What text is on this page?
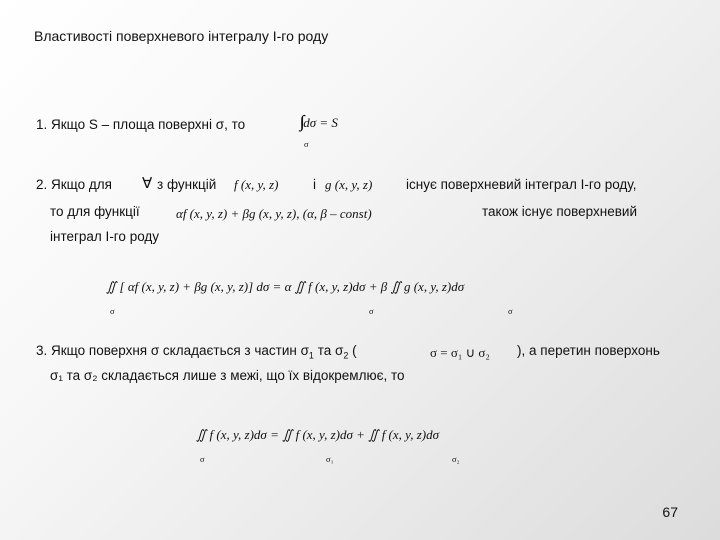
Властивості поверхневого інтегралу I-го роду
1. Якщо S – площа поверхні σ, то	dσ = S
σ
2. Якщо для ∀ з функцій f (x, y, z)	і g (x, y, z) існує поверхневий інтеграл I-го роду,
то для функції	αf (x, y, z) + βg (x, y, z), (α, β – const)	також існує поверхневий
інтеграл I-го роду
∬ [ αf (x, y, z) + βg (x, y, z)] dσ = α ∬ f (x, y, z)dσ + β ∬ g (x, y, z)dσ
σ	σ	σ
3. Якщо поверхня σ складається з частин $\sigma_1$ та $\sigma_2$ (	σ = σ₁ ∪ σ₂ ), а перетин поверхонь
σ₁ та σ₂ складається лише з межі, що їх відокремлює, то
∬ f (x, y, z)dσ = ∬ f (x, y, z)dσ + ∬ f (x, y, z)dσ
σ	σ₁	σ₂
67
